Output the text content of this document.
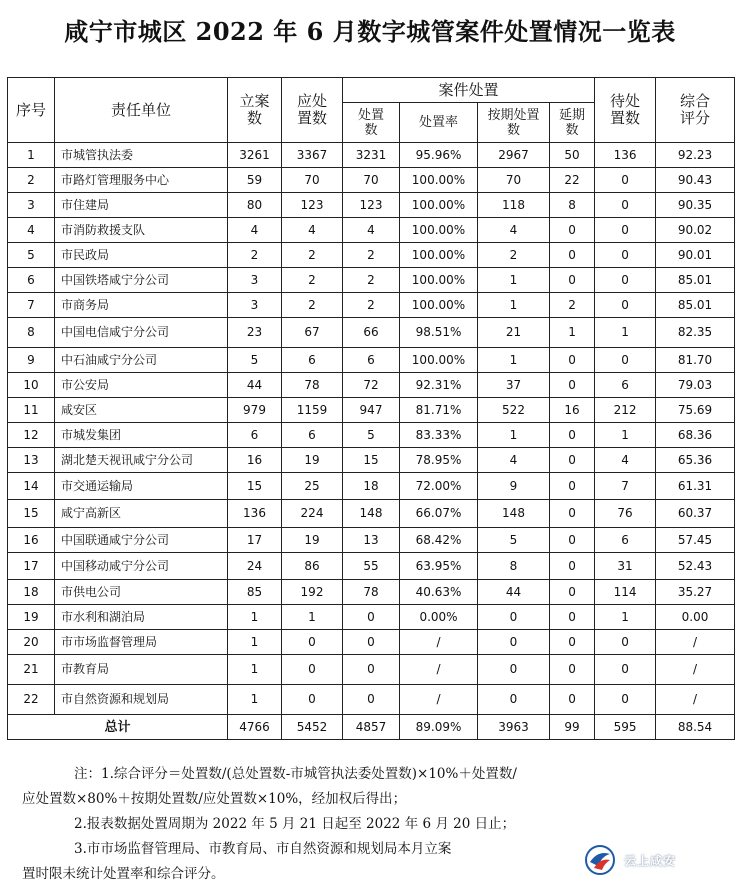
咸宁市城区 2022 年 6 月数字城管案件处置情况一览表
序号	责任单位	立案数	应处置数	案件处置				待处置数	综合评分

				处置数	处置率	按期处置数	延期数		

1	市城管执法委	3261	3367	3231	95.96%	2967	50	136	92.23
2	市路灯管理服务中心	59	70	70	100.00%	70	22	0	90.43
3	市住建局	80	123	123	100.00%	118	8	0	90.35
4	市消防救援支队	4	4	4	100.00%	4	0	0	90.02
5	市民政局	2	2	2	100.00%	2	0	0	90.01
6	中国铁塔咸宁分公司	3	2	2	100.00%	1	0	0	85.01
7	市商务局	3	2	2	100.00%	1	2	0	85.01
8	中国电信咸宁分公司	23	67	66	98.51%	21	1	1	82.35
9	中石油咸宁分公司	5	6	6	100.00%	1	0	0	81.70
10	市公安局	44	78	72	92.31%	37	0	6	79.03
11	咸安区	979	1159	947	81.71%	522	16	212	75.69
12	市城发集团	6	6	5	83.33%	1	0	1	68.36
13	湖北楚天视讯咸宁分公司	16	19	15	78.95%	4	0	4	65.36
14	市交通运输局	15	25	18	72.00%	9	0	7	61.31
15	咸宁高新区	136	224	148	66.07%	148	0	76	60.37
16	中国联通咸宁分公司	17	19	13	68.42%	5	0	6	57.45
17	中国移动咸宁分公司	24	86	55	63.95%	8	0	31	52.43
18	市供电公司	85	192	78	40.63%	44	0	114	35.27
19	市水利和湖泊局	1	1	0	0.00%	0	0	1	0.00
20	市市场监督管理局	1	0	0	/	0	0	0	/
21	市教育局	1	0	0	/	0	0	0	/
22	市自然资源和规划局	1	0	0	/	0	0	0	/
总计		4766	5452	4857	89.09%	3963	99	595	88.54

注：1.综合评分＝处置数/(总处置数-市城管执法委处置数)×10%＋处置数/

应处置数×80%＋按期处置数/应处置数×10%，经加权后得出；

2.报表数据处置周期为 2022 年 5 月 21 日起至 2022 年 6 月 20 日止；

3.市市场监督管理局、市教育局、市自然资源和规划局本月立案

置时限未统计处置率和综合评分。

云上咸安
